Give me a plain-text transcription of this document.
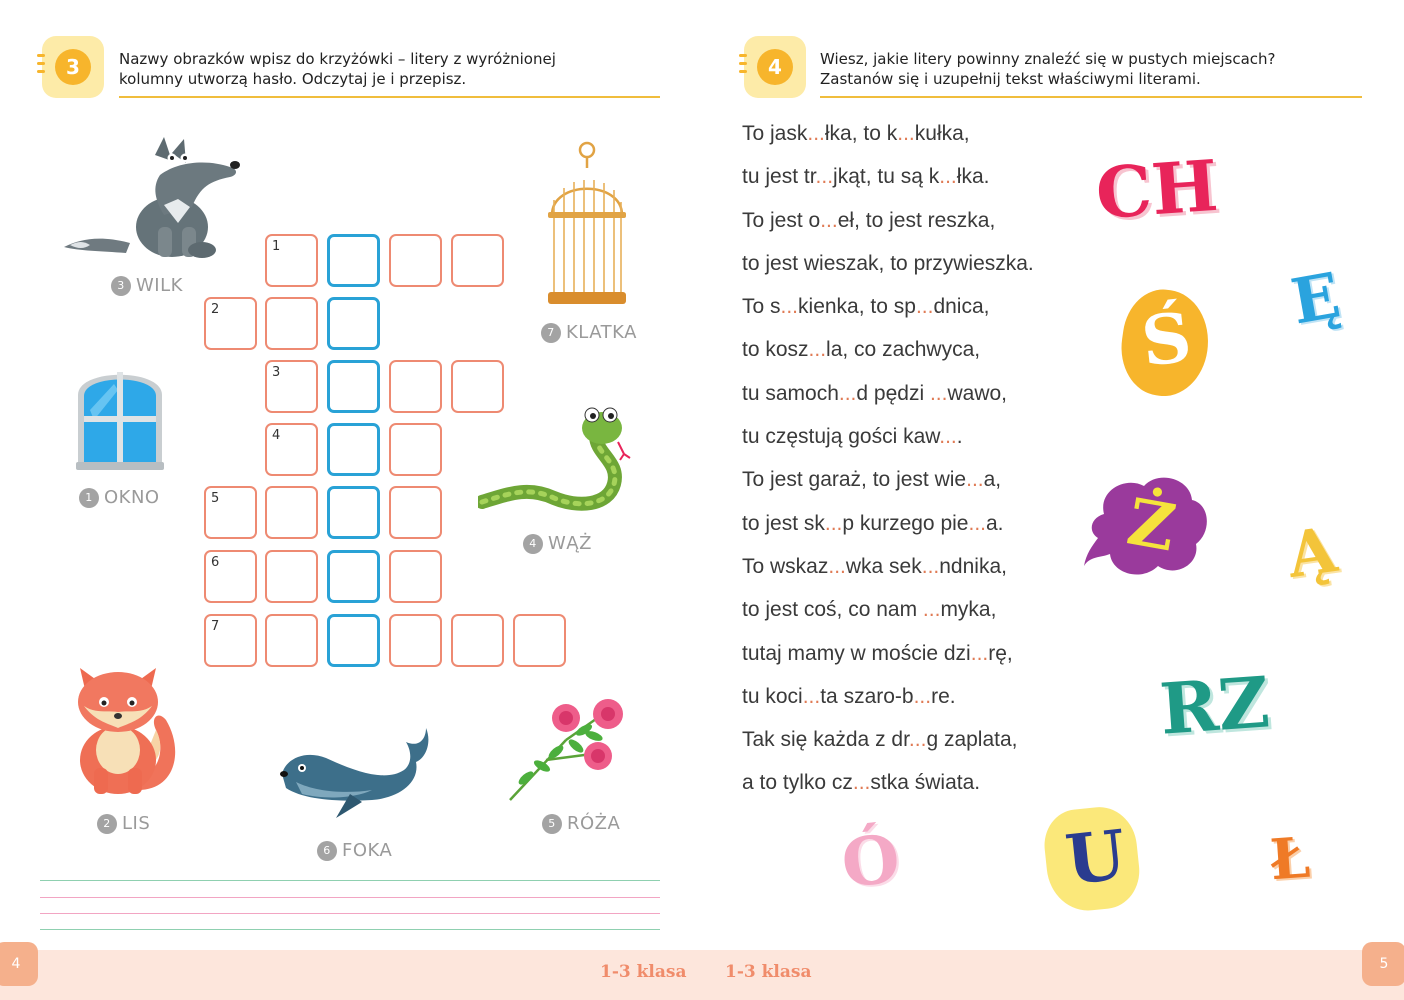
3	Nazwy obrazków wpisz do krzyżówki – litery z wyróżnionej
kolumny utworzą hasło. Odczytaj je i przepisz.
1
2
3
4
5
6
7
3 WILK
7 KLATKA
1 OKNO
4 WĄŻ
2 LIS
6 FOKA
5 RÓŻA
4	Wiesz, jakie litery powinny znaleźć się w pustych miejscach?
Zastanów się i uzupełnij tekst właściwymi literami.
To jask...łka, to k...kułka,
tu jest tr...jkąt, tu są k...łka.
To jest o...eł, to jest reszka,
to jest wieszak, to przywieszka.
To s...kienka, to sp...dnica,
to kosz...la, co zachwyca,
tu samoch...d pędzi ...wawo,
tu częstują gości kaw....
To jest garaż, to jest wie...a,
to jest sk...p kurzego pie...a.
To wskaz...wka sek...ndnika,
to jest coś, co nam ...myka,
tutaj mamy w moście dzi...rę,
tu koci...ta szaro-b...re.
Tak się każda z dr...g zaplata,
a to tylko cz...stka świata.
CH
Ś Ę
Ż Ą
RZ
Ó U Ł
4	5
1-3 klasa 1-3 klasa
